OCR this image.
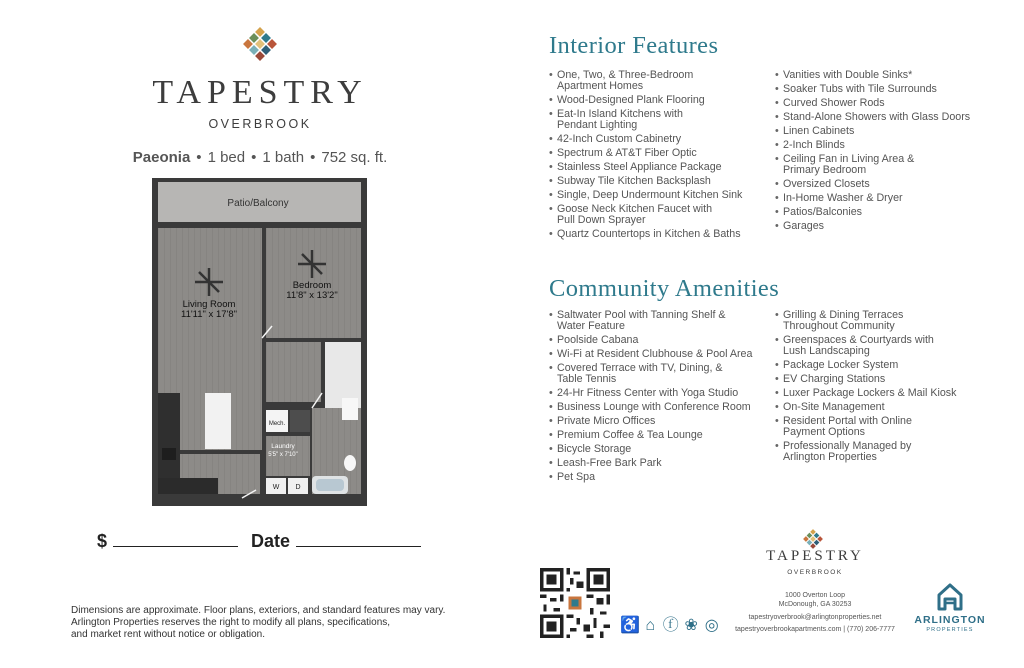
TAPESTRY
OVERBROOK
Paeonia • 1 bed • 1 bath • 752 sq. ft.
Patio/Balcony
Mech.
Laundry
5'5" x 7'10"
W D
Bedroom
11'8" x 13'2"
Living Room
11'11" x 17'8"
$	Date
Dimensions are approximate. Floor plans, exteriors, and standard features may vary.
Arlington Properties reserves the right to modify all plans, specifications,
and market rent without notice or obligation.
Interior Features
• One, Two, & Three-Bedroom
Apartment Homes
• Wood-Designed Plank Flooring
• Eat-In Island Kitchens with
Pendant Lighting
• 42-Inch Custom Cabinetry
• Spectrum & AT&T Fiber Optic
• Stainless Steel Appliance Package
• Subway Tile Kitchen Backsplash
• Single, Deep Undermount Kitchen Sink
• Goose Neck Kitchen Faucet with
Pull Down Sprayer
• Quartz Countertops in Kitchen & Baths
• Vanities with Double Sinks*
• Soaker Tubs with Tile Surrounds
• Curved Shower Rods
• Stand-Alone Showers with Glass Doors
• Linen Cabinets
• 2-Inch Blinds
• Ceiling Fan in Living Area &
Primary Bedroom
• Oversized Closets
• In-Home Washer & Dryer
• Patios/Balconies
• Garages
Community Amenities
• Saltwater Pool with Tanning Shelf &
Water Feature
• Poolside Cabana
• Wi-Fi at Resident Clubhouse & Pool Area
• Covered Terrace with TV, Dining, &
Table Tennis
• 24-Hr Fitness Center with Yoga Studio
• Business Lounge with Conference Room
• Private Micro Offices
• Premium Coffee & Tea Lounge
• Bicycle Storage
• Leash-Free Bark Park
• Pet Spa
• Grilling & Dining Terraces
Throughout Community
• Greenspaces & Courtyards with
Lush Landscaping
• Package Locker System
• EV Charging Stations
• Luxer Package Lockers & Mail Kiosk
• On-Site Management
• Resident Portal with Online
Payment Options
• Professionally Managed by
Arlington Properties
♿ ⌂ ⓕ ❀ ◎
TAPESTRY
OVERBROOK
1000 Overton Loop
McDonough, GA 30253
tapestryoverbrook@arlingtonproperties.net
tapestryoverbrookapartments.com | (770) 206-7777
ARLINGTON
PROPERTIES
